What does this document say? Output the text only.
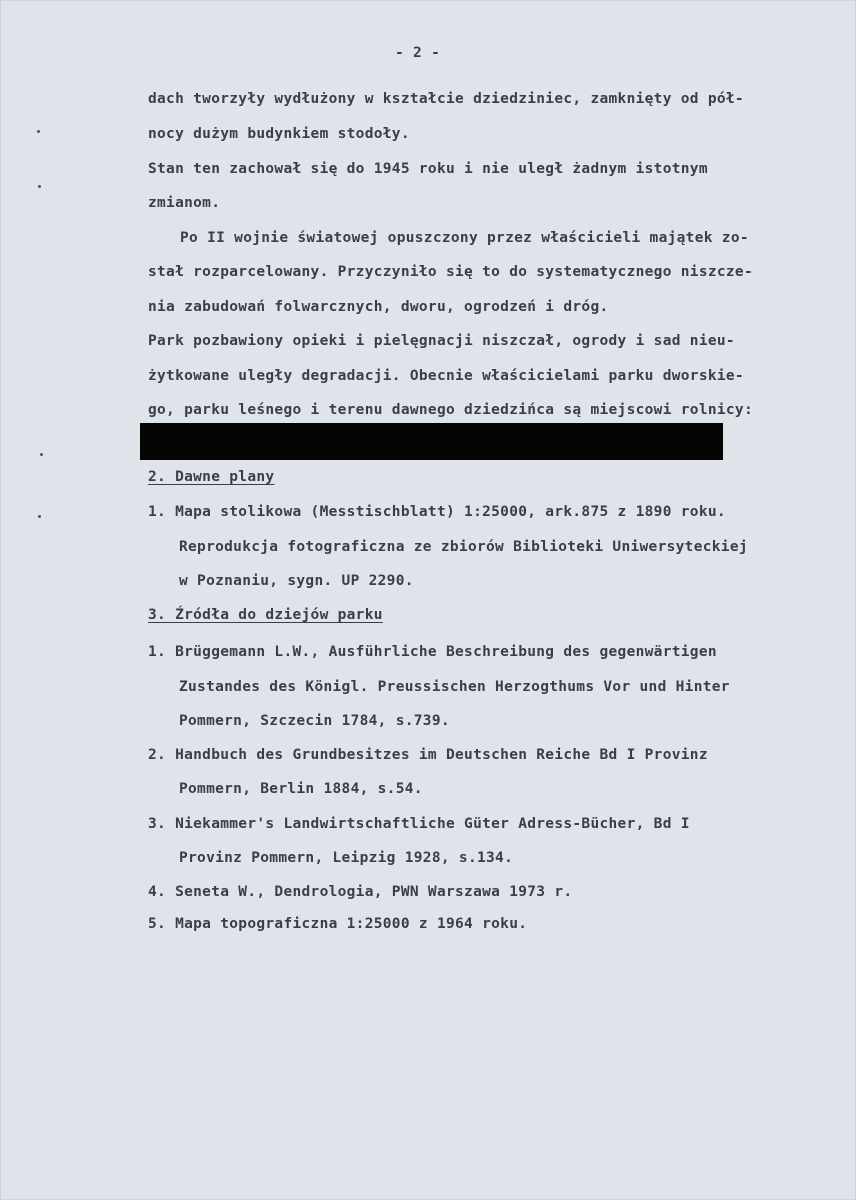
- 2 -
dach tworzyły wydłużony w kształcie dziedziniec, zamknięty od pół-
nocy dużym budynkiem stodoły.
Stan ten zachował się do 1945 roku i nie uległ żadnym istotnym
zmianom.
Po II wojnie światowej opuszczony przez właścicieli majątek zo-
stał rozparcelowany. Przyczyniło się to do systematycznego niszcze-
nia zabudowań folwarcznych, dworu, ogrodzeń i dróg.
Park pozbawiony opieki i pielęgnacji niszczał, ogrody i sad nieu-
żytkowane uległy degradacji. Obecnie właścicielami parku dworskie-
go, parku leśnego i terenu dawnego dziedzińca są miejscowi rolnicy:
2. Dawne plany
1. Mapa stolikowa (Messtischblatt) 1:25000, ark.875 z 1890 roku.
Reprodukcja fotograficzna ze zbiorów Biblioteki Uniwersyteckiej
w Poznaniu, sygn. UP 2290.
3. Źródła do dziejów parku
1. Brüggemann L.W., Ausführliche Beschreibung des gegenwärtigen
Zustandes des Königl. Preussischen Herzogthums Vor und Hinter
Pommern, Szczecin 1784, s.739.
2. Handbuch des Grundbesitzes im Deutschen Reiche Bd I Provinz
Pommern, Berlin 1884, s.54.
3. Niekammer's Landwirtschaftliche Güter Adress-Bücher, Bd I
Provinz Pommern, Leipzig 1928, s.134.
4. Seneta W., Dendrologia, PWN Warszawa 1973 r.
5. Mapa topograficzna 1:25000 z 1964 roku.
